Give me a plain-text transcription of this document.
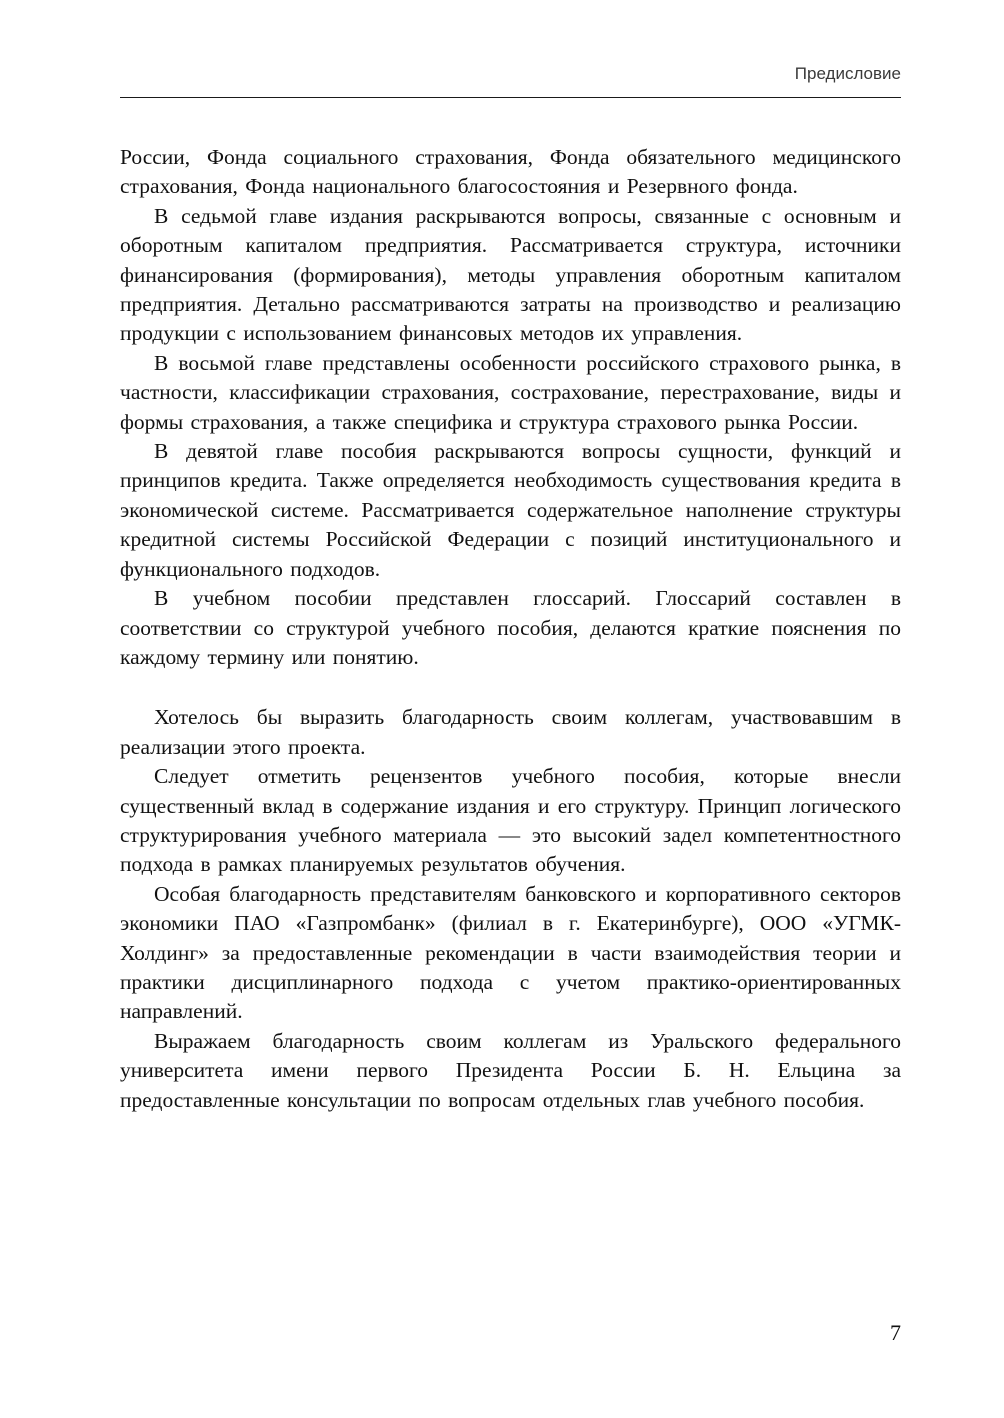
Предисловие

России, Фонда социального страхования, Фонда обязательного медицинского страхования, Фонда национального благосостояния и Резервного фонда.

В седьмой главе издания раскрываются вопросы, связанные с основным и оборотным капиталом предприятия. Рассматривается структура, источники финансирования (формирования), методы управления оборотным капиталом предприятия. Детально рассматриваются затраты на производство и реализацию продукции с использованием финансовых методов их управления.

В восьмой главе представлены особенности российского страхового рынка, в частности, классификации страхования, сострахование, перестрахование, виды и формы страхования, а также специфика и структура страхового рынка России.

В девятой главе пособия раскрываются вопросы сущности, функций и принципов кредита. Также определяется необходимость существования кредита в экономической системе. Рассматривается содержательное наполнение структуры кредитной системы Российской Федерации с позиций институционального и функционального подходов.

В учебном пособии представлен глоссарий. Глоссарий составлен в соответствии со структурой учебного пособия, делаются краткие пояснения по каждому термину или понятию.

Хотелось бы выразить благодарность своим коллегам, участвовавшим в реализации этого проекта.

Следует отметить рецензентов учебного пособия, которые внесли существенный вклад в содержание издания и его структуру. Принцип логического структурирования учебного материала — это высокий задел компетентностного подхода в рамках планируемых результатов обучения.

Особая благодарность представителям банковского и корпоративного секторов экономики ПАО «Газпромбанк» (филиал в г. Екатеринбурге), ООО «УГМК-Холдинг» за предоставленные рекомендации в части взаимодействия теории и практики дисциплинарного подхода с учетом практико-ориентированных направлений.

Выражаем благодарность своим коллегам из Уральского федерального университета имени первого Президента России Б. Н. Ельцина за предоставленные консультации по вопросам отдельных глав учебного пособия.

7
